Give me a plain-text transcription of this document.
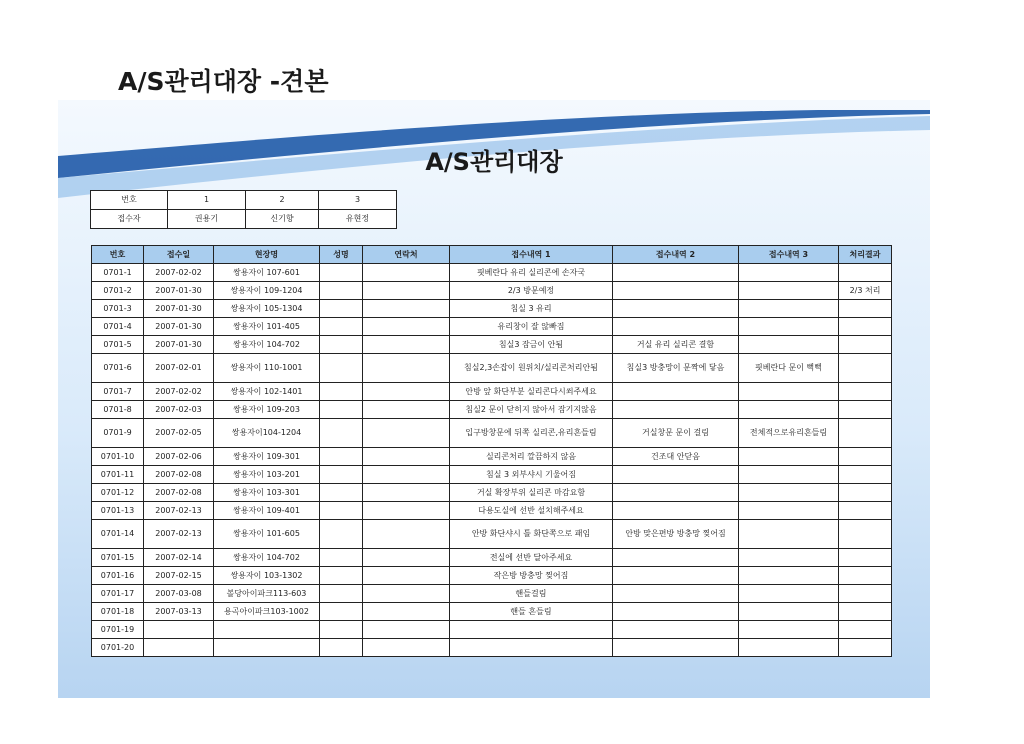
A/S관리대장 -견본
A/S관리대장
번호	1	2	3
접수자	권용기	신기향	유현정
번호	접수일	현장명	성명	연락처	접수내역 1	접수내역 2	접수내역 3	처리결과
0701-1	2007-02-02	쌍용자이 107-601			핏베란다 유리 실리콘에 손자국			
0701-2	2007-01-30	쌍용자이 109-1204			2/3 방문예정			2/3 처리
0701-3	2007-01-30	쌍용자이 105-1304			침실 3 유리			
0701-4	2007-01-30	쌍용자이 101-405			유리창이 잘 않빠짐			
0701-5	2007-01-30	쌍용자이 104-702			침실3 잠금이 안됨	거실 유리 실리콘 결함		
0701-6	2007-02-01	쌍용자이 110-1001			침실2,3손잡이 원위치/실리콘처리안됨	침실3 방충망이 문짝에 닿음	핏베란다 문이 뻑뻑	
0701-7	2007-02-02	쌍용자이 102-1401			안방 앞 화단부분 실리콘다시쐬주세요			
0701-8	2007-02-03	쌍용자이 109-203			침실2 문이 닫히지 않아서 잠기지않음			
0701-9	2007-02-05	쌍용자이104-1204			입구방창문에 뒤쪽 실리콘,유리흔들림	거실창문 문이 걸림	전체적으로유리흔들림	
0701-10	2007-02-06	쌍용자이 109-301			실리콘처리 깔끔하지 않음	건조대 안닫음		
0701-11	2007-02-08	쌍용자이 103-201			침실 3 외부샤시 기울어짐			
0701-12	2007-02-08	쌍용자이 103-301			거실 확장부위 실리콘 마감요함			
0701-13	2007-02-13	쌍용자이 109-401			다용도실에 선반 설치해주세요			
0701-14	2007-02-13	쌍용자이 101-605			안방 화단샤시 틀 화단쪽으로 패임	안방 맞은편방 방충망 찢어짐		
0701-15	2007-02-14	쌍용자이 104-702			전실에 선반 달아주세요			
0701-16	2007-02-15	쌍용자이 103-1302			작은방 방충망 찢어짐			
0701-17	2007-03-08	볼당아이파크113-603			핸들걸림			
0701-18	2007-03-13	용곡아이파크103-1002			핸들 흔들림			
0701-19								
0701-20								
